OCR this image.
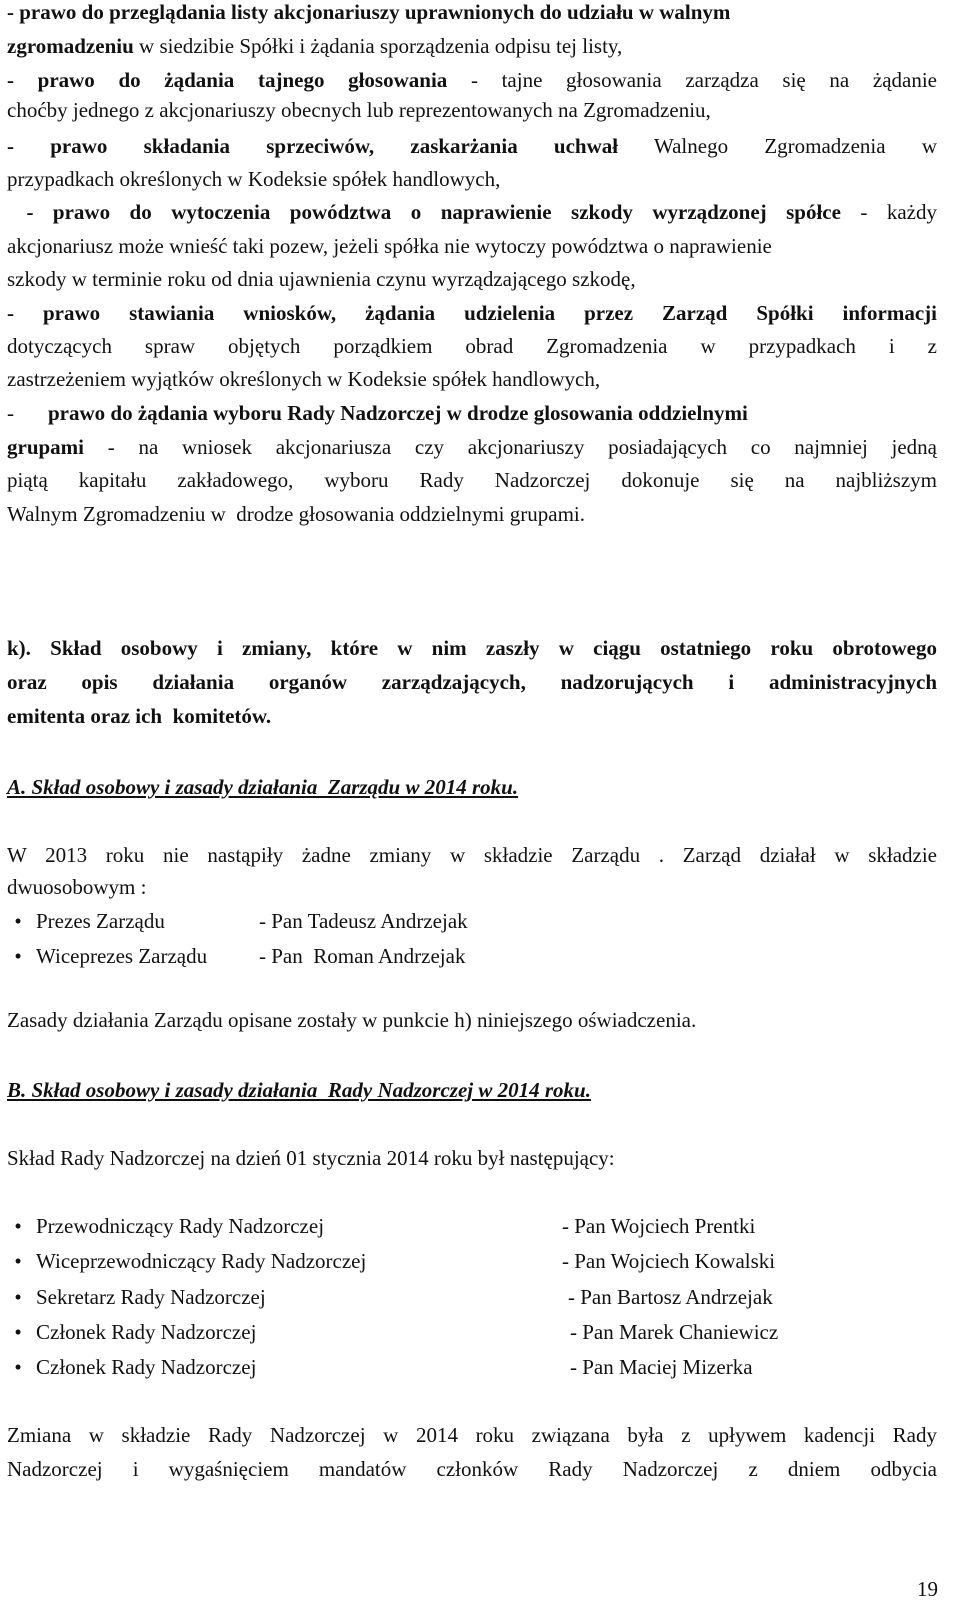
- prawo do przeglądania listy akcjonariuszy uprawnionych do udziału w walnym
zgromadzeniu w siedzibie Spółki i żądania sporządzenia odpisu tej listy,
- prawo do żądania tajnego głosowania - tajne głosowania zarządza się na żądanie
choćby jednego z akcjonariuszy obecnych lub reprezentowanych na Zgromadzeniu,
- prawo składania sprzeciwów, zaskarżania uchwał Walnego Zgromadzenia w
przypadkach określonych w Kodeksie spółek handlowych,
- prawo do wytoczenia powództwa o naprawienie szkody wyrządzonej spółce - każdy
akcjonariusz może wnieść taki pozew, jeżeli spółka nie wytoczy powództwa o naprawienie
szkody w terminie roku od dnia ujawnienia czynu wyrządzającego szkodę,
- prawo stawiania wniosków, żądania udzielenia przez Zarząd Spółki informacji
dotyczących spraw objętych porządkiem obrad Zgromadzenia w przypadkach i z
zastrzeżeniem wyjątków określonych w Kodeksie spółek handlowych,
- prawo do żądania wyboru Rady Nadzorczej w drodze glosowania oddzielnymi
grupami - na wniosek akcjonariusza czy akcjonariuszy posiadających co najmniej jedną
piątą kapitału zakładowego, wyboru Rady Nadzorczej dokonuje się na najbliższym
Walnym Zgromadzeniu w  drodze głosowania oddzielnymi grupami.
k). Skład osobowy i zmiany, które w nim zaszły w ciągu ostatniego roku obrotowego
oraz opis działania organów zarządzających, nadzorujących i administracyjnych
emitenta oraz ich  komitetów.
A. Skład osobowy i zasady działania  Zarządu w 2014 roku.
W 2013 roku nie nastąpiły żadne zmiany w składzie Zarządu . Zarząd działał w składzie
dwuosobowym :
• Prezes Zarządu	- Pan Tadeusz Andrzejak
• Wiceprezes Zarządu - Pan  Roman Andrzejak
Zasady działania Zarządu opisane zostały w punkcie h) niniejszego oświadczenia.
B. Skład osobowy i zasady działania  Rady Nadzorczej w 2014 roku.
Skład Rady Nadzorczej na dzień 01 stycznia 2014 roku był następujący:
• Przewodniczący Rady Nadzorczej	- Pan Wojciech Prentki
• Wiceprzewodniczący Rady Nadzorczej	- Pan Wojciech Kowalski
• Sekretarz Rady Nadzorczej	- Pan Bartosz Andrzejak
• Członek Rady Nadzorczej	- Pan Marek Chaniewicz
• Członek Rady Nadzorczej	- Pan Maciej Mizerka
Zmiana w składzie Rady Nadzorczej w 2014 roku związana była z upływem kadencji Rady
Nadzorczej i wygaśnięciem mandatów członków Rady Nadzorczej z dniem odbycia
19
